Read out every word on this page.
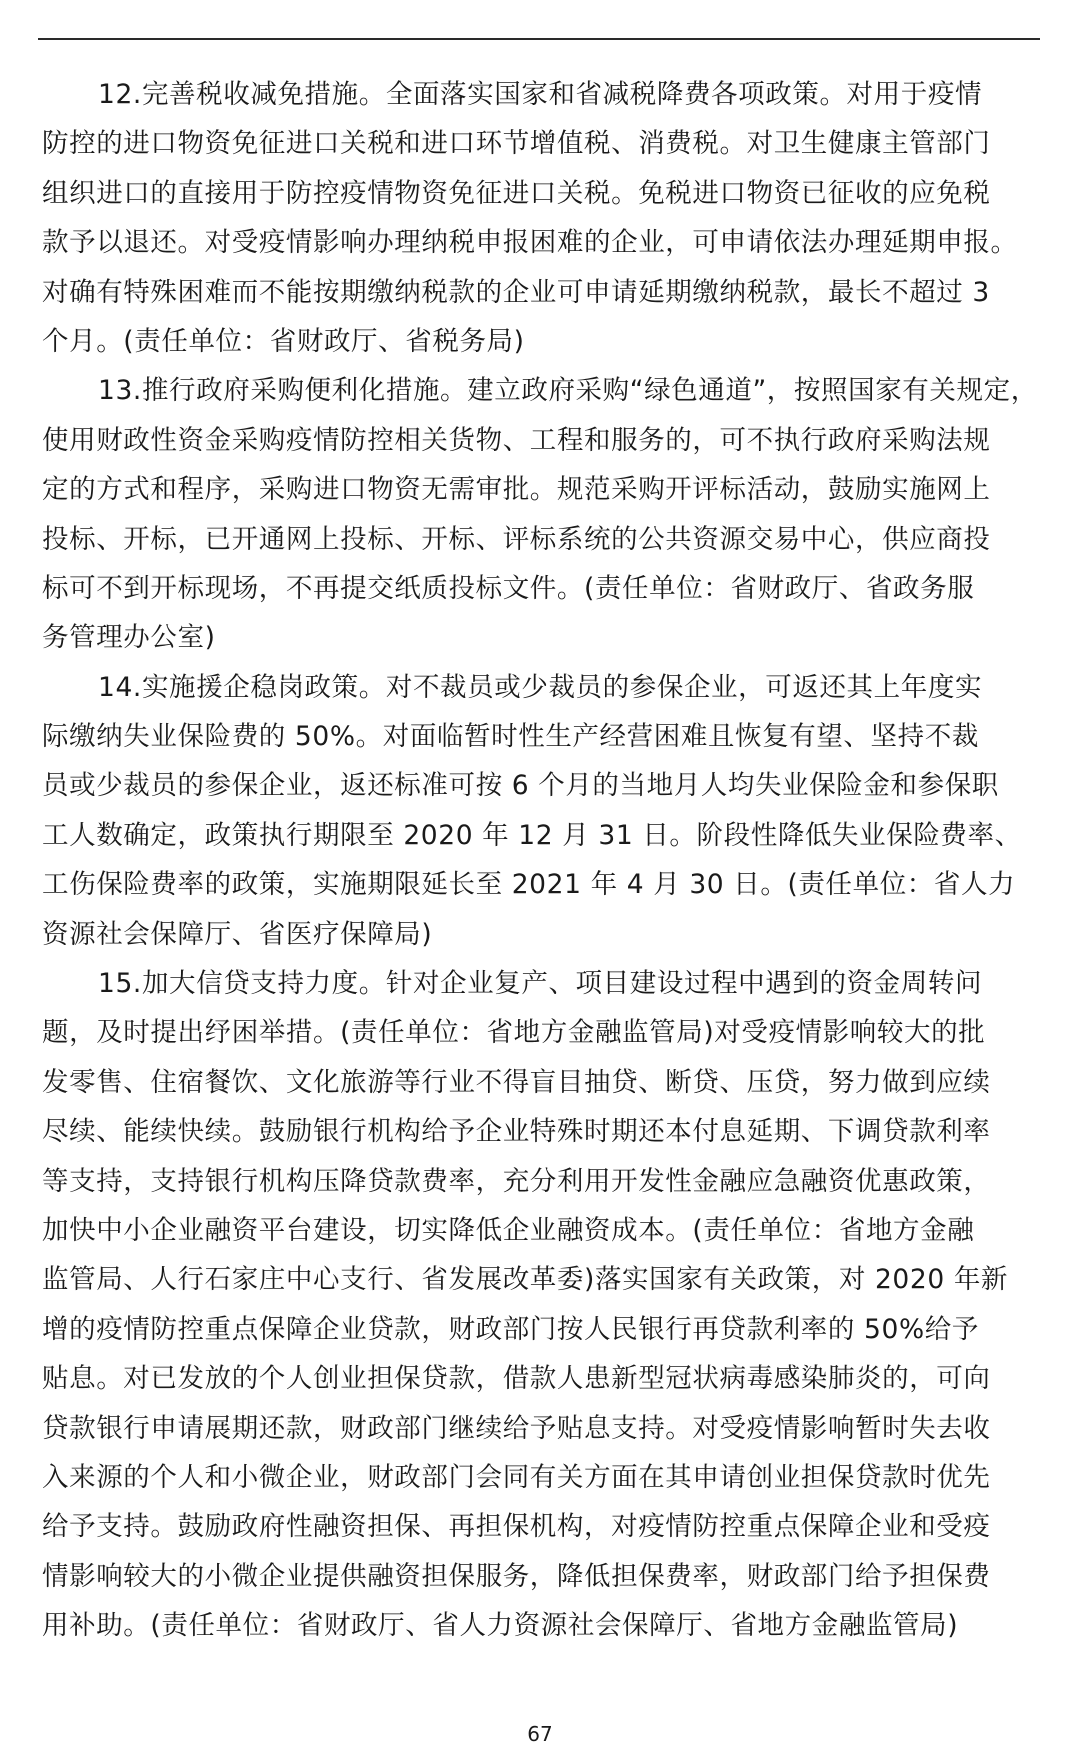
12.完善税收减免措施。全面落实国家和省减税降费各项政策。对用于疫情
防控的进口物资免征进口关税和进口环节增值税、消费税。对卫生健康主管部门
组织进口的直接用于防控疫情物资免征进口关税。免税进口物资已征收的应免税
款予以退还。对受疫情影响办理纳税申报困难的企业，可申请依法办理延期申报。
对确有特殊困难而不能按期缴纳税款的企业可申请延期缴纳税款，最长不超过 3
个月。(责任单位：省财政厅、省税务局)
13.推行政府采购便利化措施。建立政府采购“绿色通道”，按照国家有关规定，
使用财政性资金采购疫情防控相关货物、工程和服务的，可不执行政府采购法规
定的方式和程序，采购进口物资无需审批。规范采购开评标活动，鼓励实施网上
投标、开标，已开通网上投标、开标、评标系统的公共资源交易中心，供应商投
标可不到开标现场，不再提交纸质投标文件。(责任单位：省财政厅、省政务服
务管理办公室)
14.实施援企稳岗政策。对不裁员或少裁员的参保企业，可返还其上年度实
际缴纳失业保险费的 50%。对面临暂时性生产经营困难且恢复有望、坚持不裁
员或少裁员的参保企业，返还标准可按 6 个月的当地月人均失业保险金和参保职
工人数确定，政策执行期限至 2020 年 12 月 31 日。阶段性降低失业保险费率、
工伤保险费率的政策，实施期限延长至 2021 年 4 月 30 日。(责任单位：省人力
资源社会保障厅、省医疗保障局)
15.加大信贷支持力度。针对企业复产、项目建设过程中遇到的资金周转问
题，及时提出纾困举措。(责任单位：省地方金融监管局)对受疫情影响较大的批
发零售、住宿餐饮、文化旅游等行业不得盲目抽贷、断贷、压贷，努力做到应续
尽续、能续快续。鼓励银行机构给予企业特殊时期还本付息延期、下调贷款利率
等支持，支持银行机构压降贷款费率，充分利用开发性金融应急融资优惠政策，
加快中小企业融资平台建设，切实降低企业融资成本。(责任单位：省地方金融
监管局、人行石家庄中心支行、省发展改革委)落实国家有关政策，对 2020 年新
增的疫情防控重点保障企业贷款，财政部门按人民银行再贷款利率的 50%给予
贴息。对已发放的个人创业担保贷款，借款人患新型冠状病毒感染肺炎的，可向
贷款银行申请展期还款，财政部门继续给予贴息支持。对受疫情影响暂时失去收
入来源的个人和小微企业，财政部门会同有关方面在其申请创业担保贷款时优先
给予支持。鼓励政府性融资担保、再担保机构，对疫情防控重点保障企业和受疫
情影响较大的小微企业提供融资担保服务，降低担保费率，财政部门给予担保费
用补助。(责任单位：省财政厅、省人力资源社会保障厅、省地方金融监管局)
67
